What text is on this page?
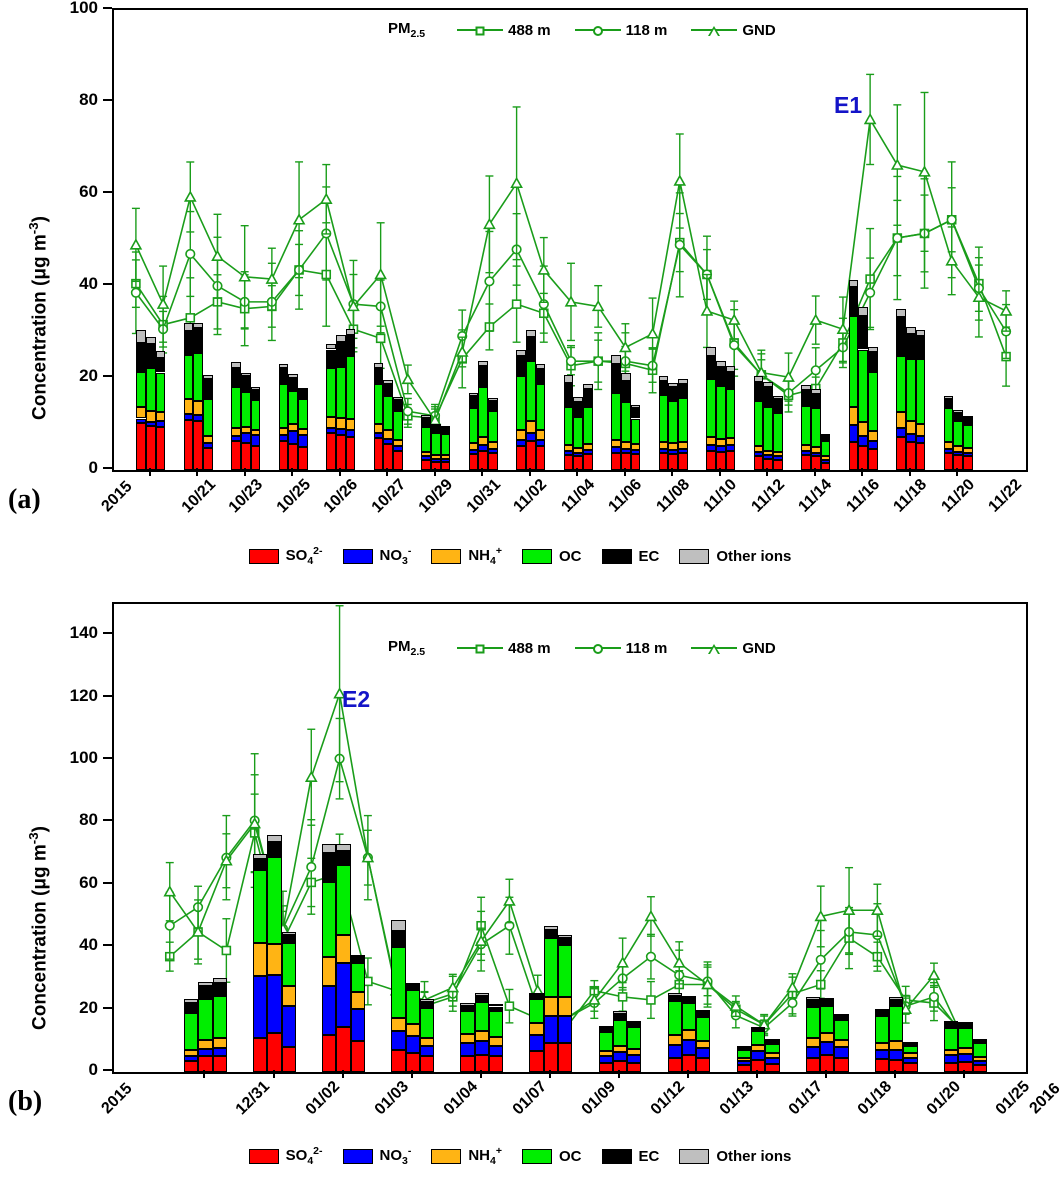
Concentration (μg $m^{-3}$)
0
20
40
60
80
100
10/21 10/23 10/25 10/26 10/27 10/29 10/31 11/02 11/04 11/06 11/08 11/10 11/12 11/14 11/16 11/18 11/20 11/22
(a)	2015
E1
$PM_{2.5}$	488 m	118 m	GND
$SO_4^{2-}$	$NO_3^-$	$NH_4^+$	OC	EC	Other ions
Concentration (μg $m^{-3}$)
0
20
40
60
80
100
120
140
12/31 01/02 01/03 01/04 01/07 01/09 01/12 01/13 01/17 01/18 01/20 01/25
(b)	2015	2016
E2
$PM_{2.5}$	488 m	118 m	GND
$SO_4^{2-}$	$NO_3^-$	$NH_4^+$	OC	EC	Other ions
